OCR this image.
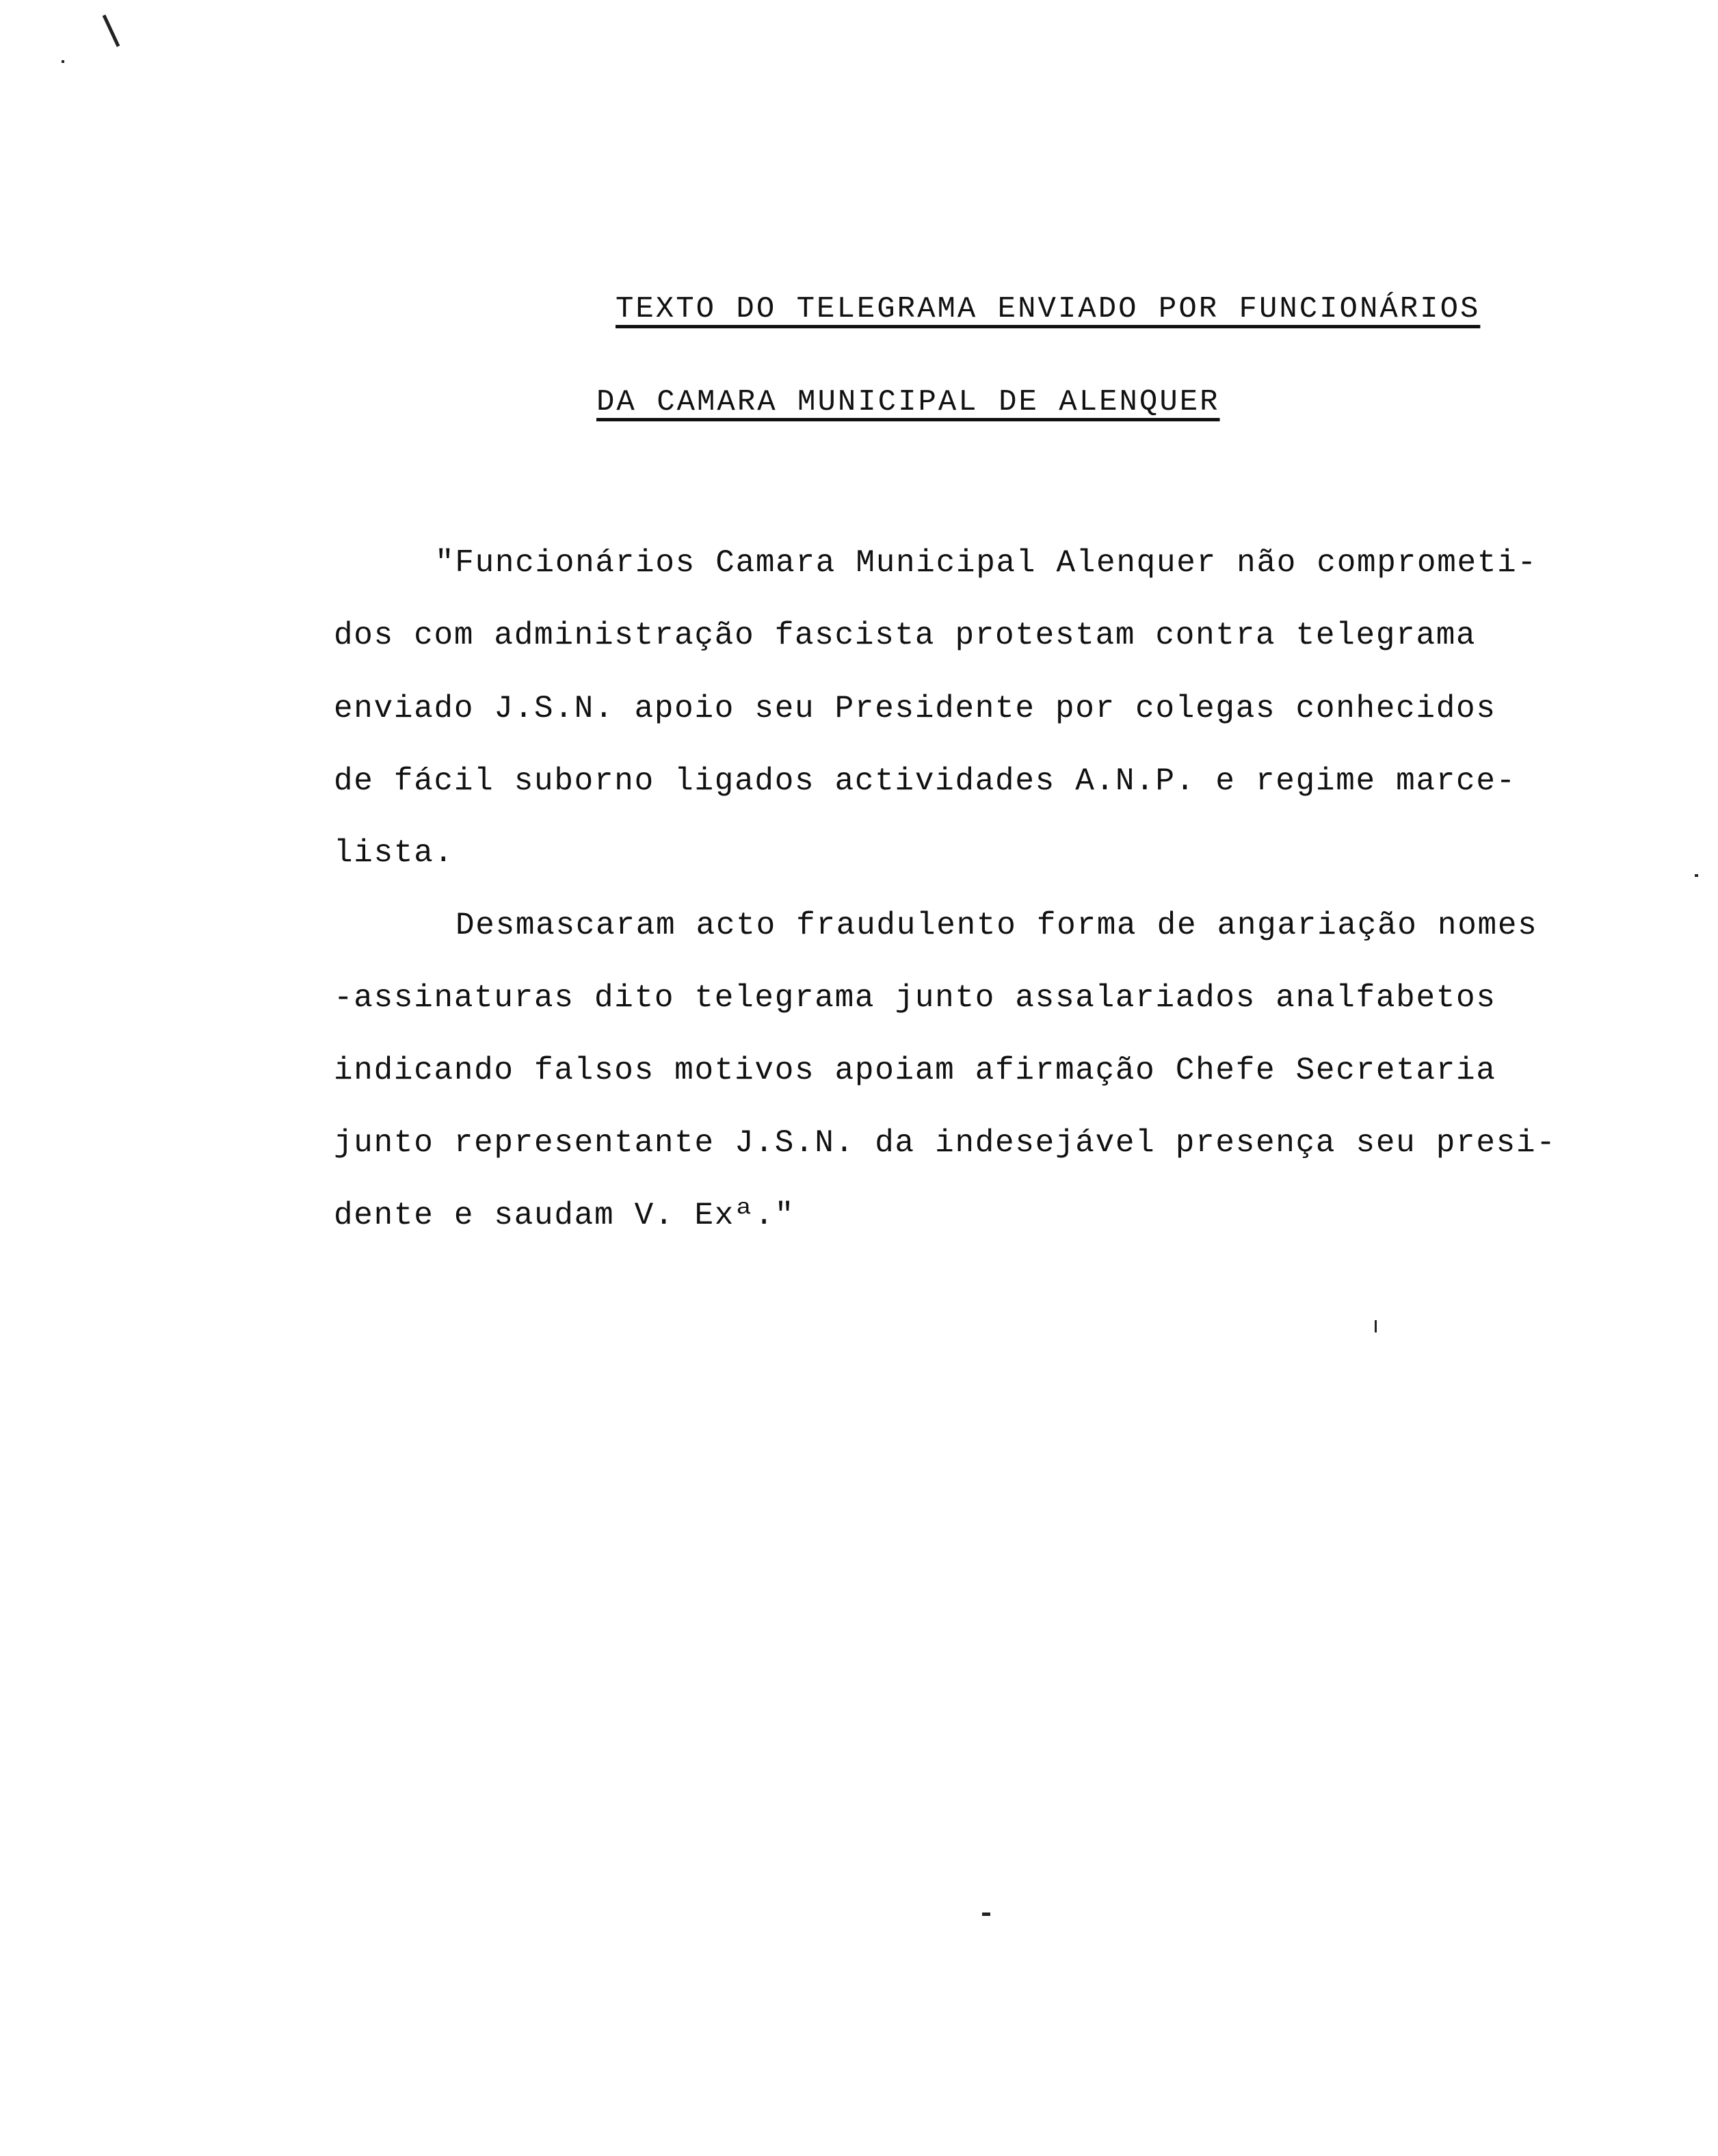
TEXTO DO TELEGRAMA ENVIADO POR FUNCIONÁRIOS
DA CAMARA MUNICIPAL DE ALENQUER
"Funcionários Camara Municipal Alenquer não comprometi-
dos com administração fascista protestam contra telegrama
enviado J.S.N. apoio seu Presidente por colegas conhecidos
de fácil suborno ligados actividades A.N.P. e regime marce-
lista.
Desmascaram acto fraudulento forma de angariação nomes
-assinaturas dito telegrama junto assalariados analfabetos
indicando falsos motivos apoiam afirmação Chefe Secretaria
junto representante J.S.N. da indesejável presença seu presi-
dente e saudam V. Exª."
